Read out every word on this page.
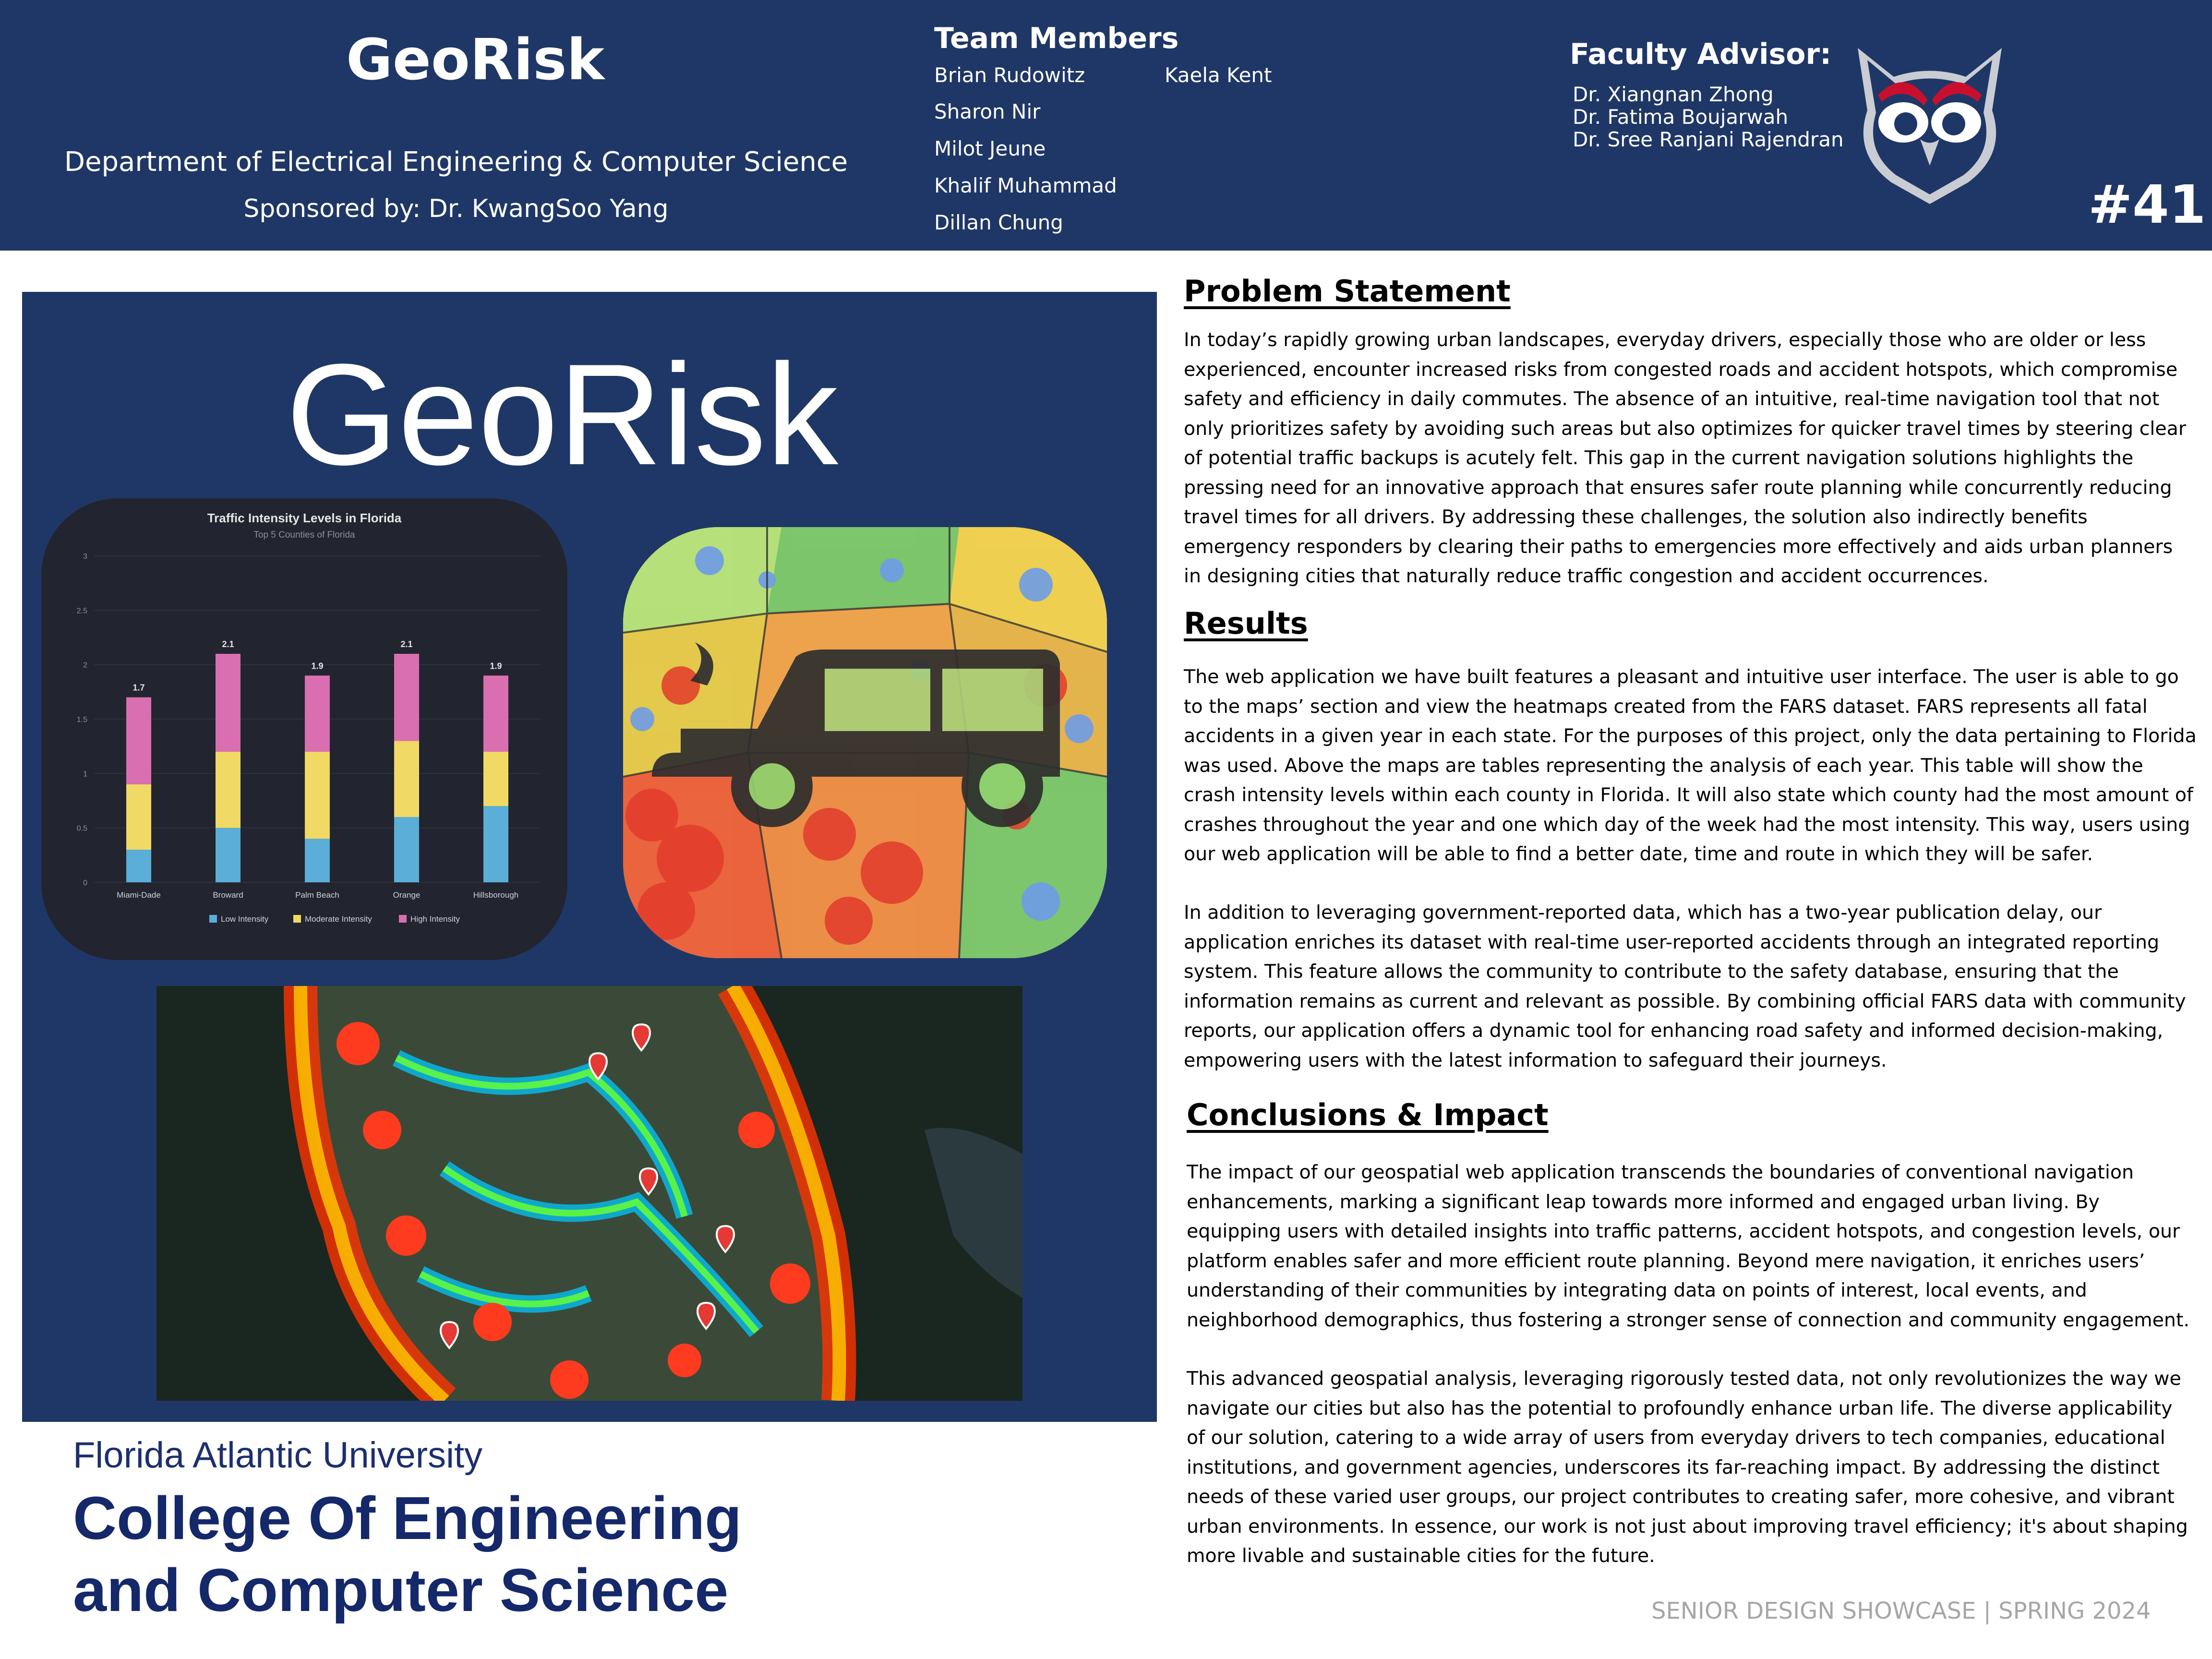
GeoRisk
Department of Electrical Engineering & Computer Science
Sponsored by: Dr. KwangSoo Yang
Team Members
Brian Rudowitz
Sharon Nir
Milot Jeune
Khalif Muhammad
Dillan Chung
Kaela Kent
Faculty Advisor:
Dr. Xiangnan Zhong
Dr. Fatima Boujarwah
Dr. Sree Ranjani Rajendran
#41
GeoRisk
Traffic Intensity Levels in Florida
Top 5 Counties of Florida
0
0.5
1
1.5
2
2.5
3
1.7
Miami-Dade
2.1
Broward
1.9
Palm Beach
2.1
Orange
1.9
Hillsborough
Low Intensity	Moderate Intensity	High Intensity
Problem Statement
In today’s rapidly growing urban landscapes, everyday drivers, especially those who are older or less experienced, encounter increased risks from congested roads and accident hotspots, which compromise safety and efficiency in daily commutes. The absence of an intuitive, real-time navigation tool that not only prioritizes safety by avoiding such areas but also optimizes for quicker travel times by steering clear of potential traffic backups is acutely felt. This gap in the current navigation solutions highlights the pressing need for an innovative approach that ensures safer route planning while concurrently reducing travel times for all drivers. By addressing these challenges, the solution also indirectly benefits emergency responders by clearing their paths to emergencies more effectively and aids urban planners in designing cities that naturally reduce traffic congestion and accident occurrences.
Results
The web application we have built features a pleasant and intuitive user interface. The user is able to go to the maps’ section and view the heatmaps created from the FARS dataset. FARS represents all fatal accidents in a given year in each state. For the purposes of this project, only the data pertaining to Florida was used. Above the maps are tables representing the analysis of each year. This table will show the crash intensity levels within each county in Florida. It will also state which county had the most amount of crashes throughout the year and one which day of the week had the most intensity. This way, users using our web application will be able to find a better date, time and route in which they will be safer.
In addition to leveraging government-reported data, which has a two-year publication delay, our application enriches its dataset with real-time user-reported accidents through an integrated reporting system. This feature allows the community to contribute to the safety database, ensuring that the information remains as current and relevant as possible. By combining official FARS data with community reports, our application offers a dynamic tool for enhancing road safety and informed decision-making, empowering users with the latest information to safeguard their journeys.
Conclusions & Impact
The impact of our geospatial web application transcends the boundaries of conventional navigation enhancements, marking a significant leap towards more informed and engaged urban living. By equipping users with detailed insights into traffic patterns, accident hotspots, and congestion levels, our platform enables safer and more efficient route planning. Beyond mere navigation, it enriches users’ understanding of their communities by integrating data on points of interest, local events, and neighborhood demographics, thus fostering a stronger sense of connection and community engagement.
This advanced geospatial analysis, leveraging rigorously tested data, not only revolutionizes the way we navigate our cities but also has the potential to profoundly enhance urban life. The diverse applicability of our solution, catering to a wide array of users from everyday drivers to tech companies, educational institutions, and government agencies, underscores its far-reaching impact. By addressing the distinct needs of these varied user groups, our project contributes to creating safer, more cohesive, and vibrant urban environments. In essence, our work is not just about improving travel efficiency; it's about shaping more livable and sustainable cities for the future.
Florida Atlantic University
College Of Engineering
and Computer Science	SENIOR DESIGN SHOWCASE | SPRING 2024
